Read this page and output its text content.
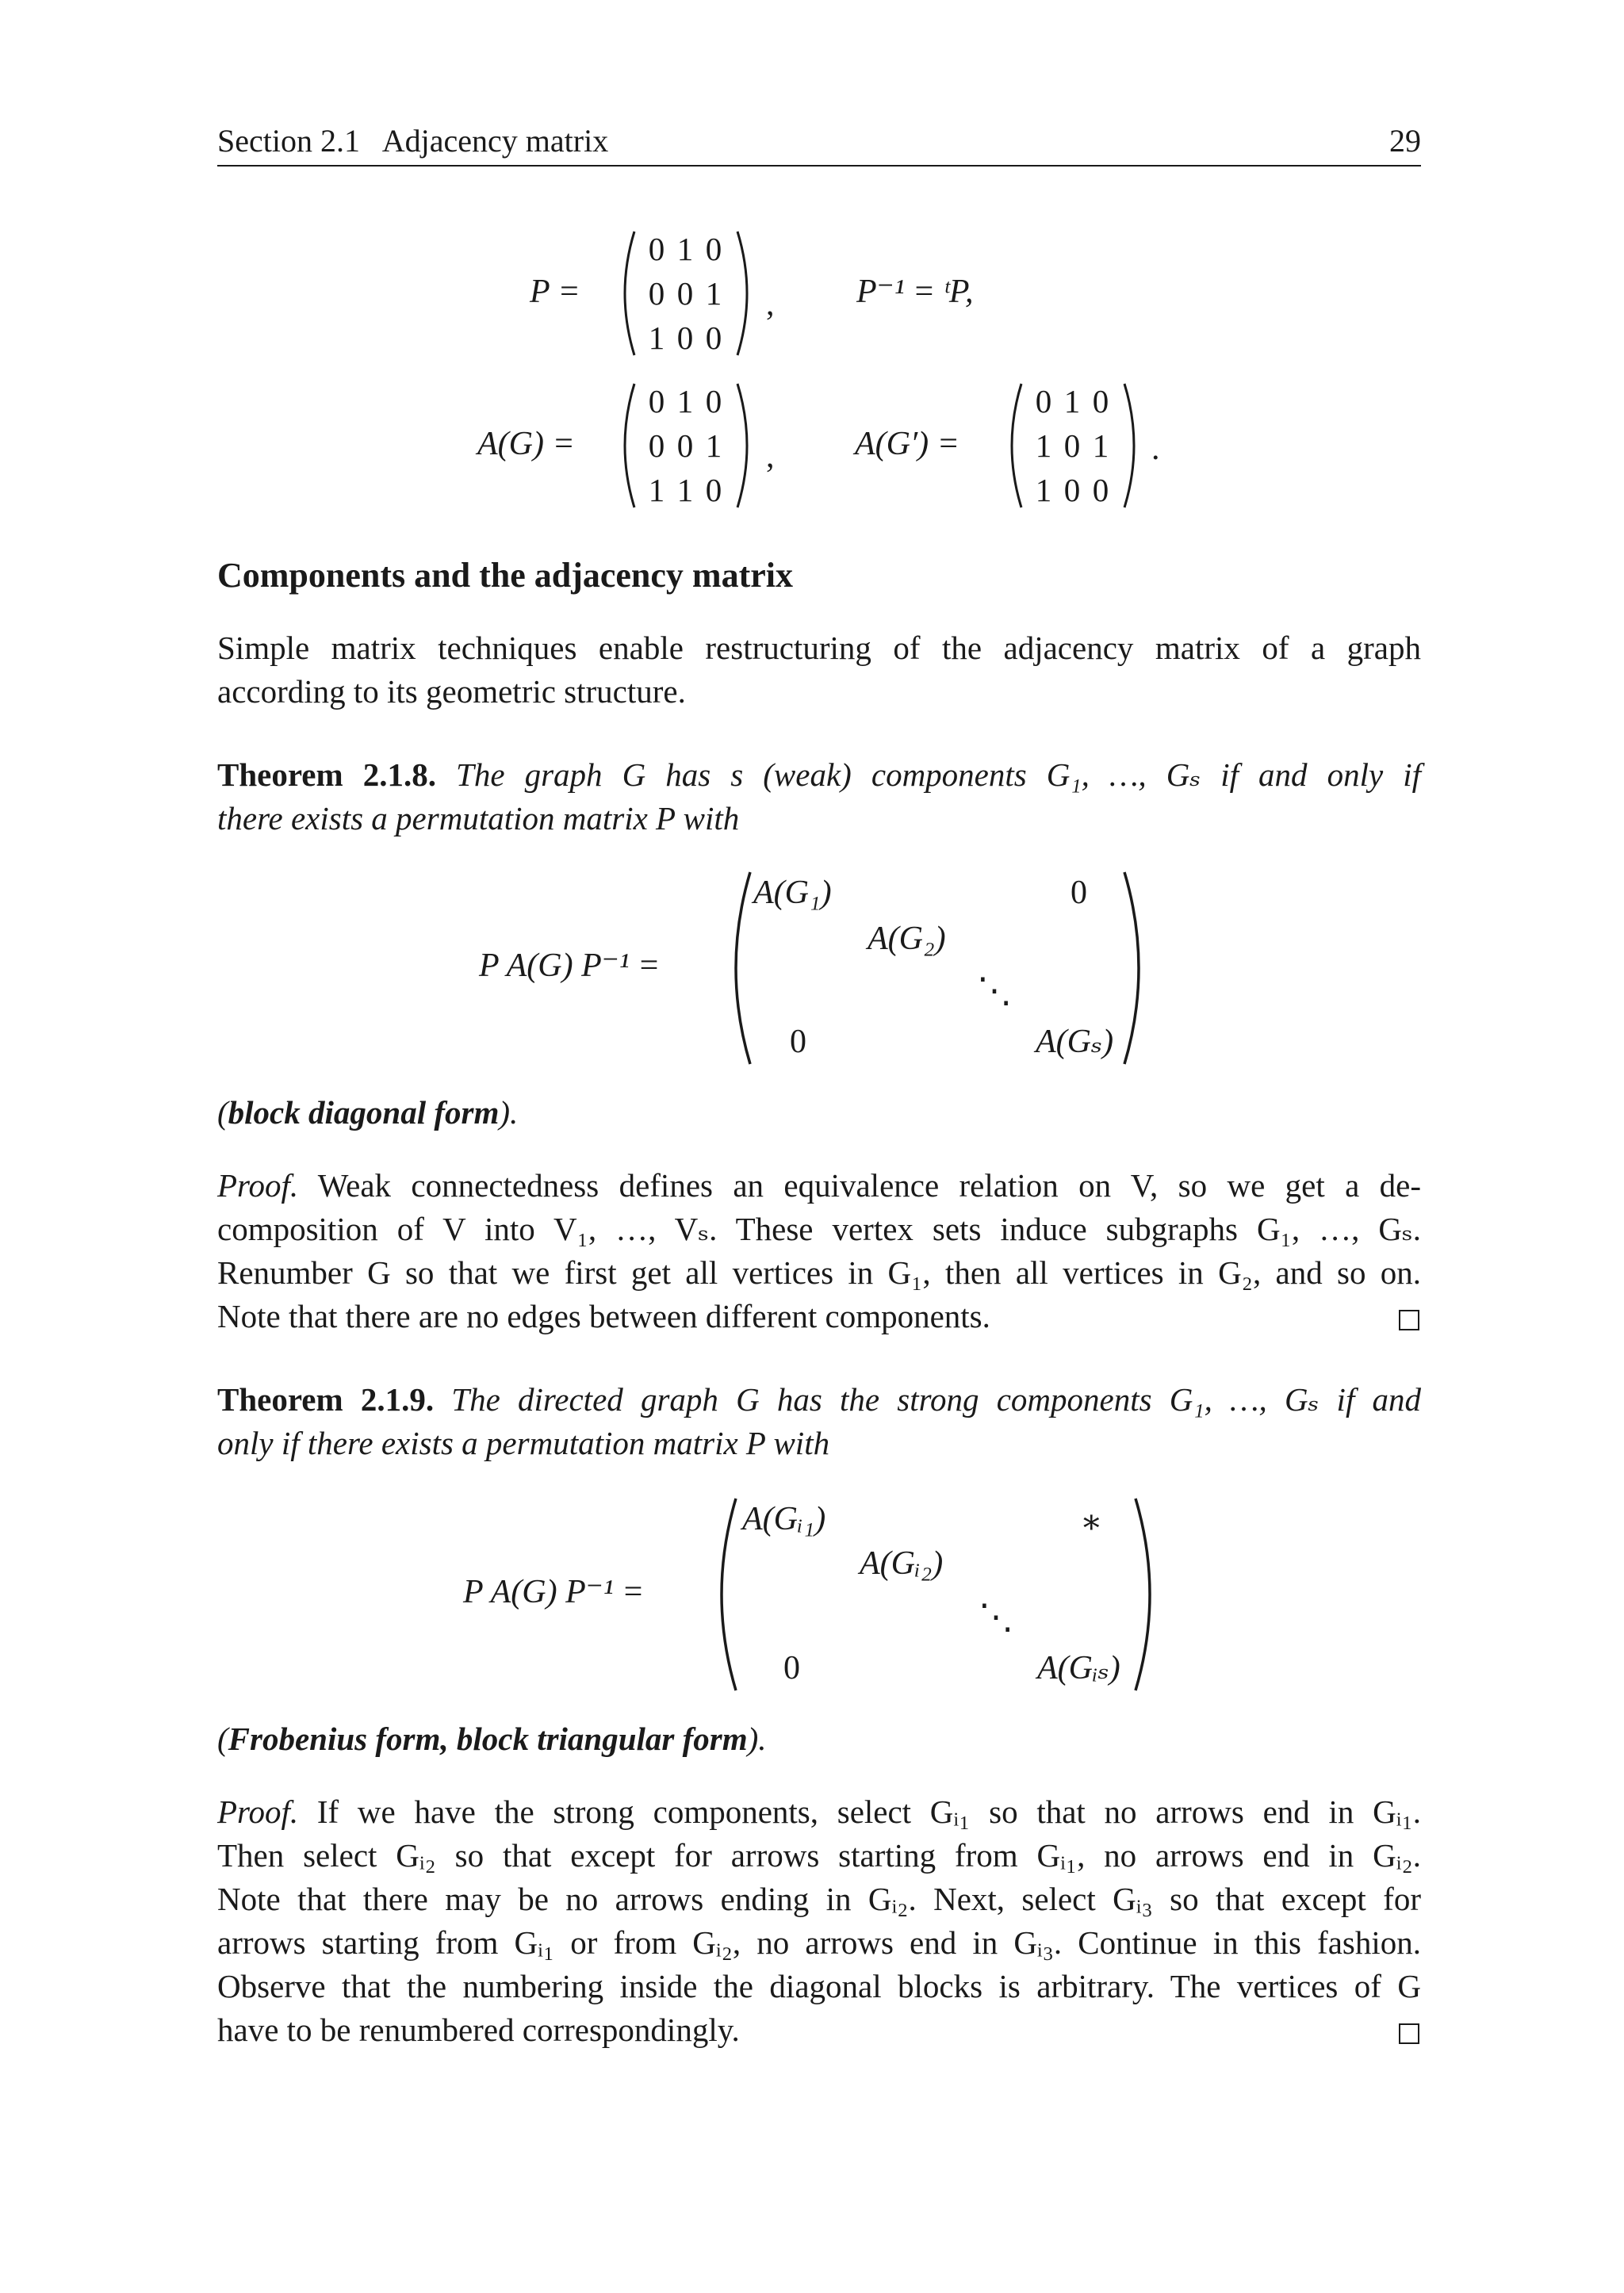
Section 2.1   Adjacency matrix	29
P =
0 1 0
0 0 1
1 0 0
, P⁻¹ = ᵗP,
A(G) =
0 1 0
0 0 1
1 1 0
, A(G′) =
0 1 0
1 0 1
1 0 0
.
Components and the adjacency matrix
Simple matrix techniques enable restructuring of the adjacency matrix of a graph
according to its geometric structure.
Theorem 2.1.8. The graph G has s (weak) components G₁, …, Gₛ if and only if
there exists a permutation matrix P with
P A(G) P⁻¹ =
A(G₁)	0
A(G₂)
⋱
0	A(Gₛ)
(block diagonal form).
Proof. Weak connectedness defines an equivalence relation on V, so we get a de-
composition of V into V₁, …, Vₛ. These vertex sets induce subgraphs G₁, …, Gₛ.
Renumber G so that we first get all vertices in G₁, then all vertices in G₂, and so on.
Note that there are no edges between different components.
Theorem 2.1.9. The directed graph G has the strong components G₁, …, Gₛ if and
only if there exists a permutation matrix P with
P A(G) P⁻¹ =
A(Gᵢ₁)	∗
A(Gᵢ₂)
⋱
0	A(Gᵢₛ)
(Frobenius form, block triangular form).
Proof. If we have the strong components, select Gᵢ₁ so that no arrows end in Gᵢ₁.
Then select Gᵢ₂ so that except for arrows starting from Gᵢ₁, no arrows end in Gᵢ₂.
Note that there may be no arrows ending in Gᵢ₂. Next, select Gᵢ₃ so that except for
arrows starting from Gᵢ₁ or from Gᵢ₂, no arrows end in Gᵢ₃. Continue in this fashion.
Observe that the numbering inside the diagonal blocks is arbitrary. The vertices of G
have to be renumbered correspondingly.
